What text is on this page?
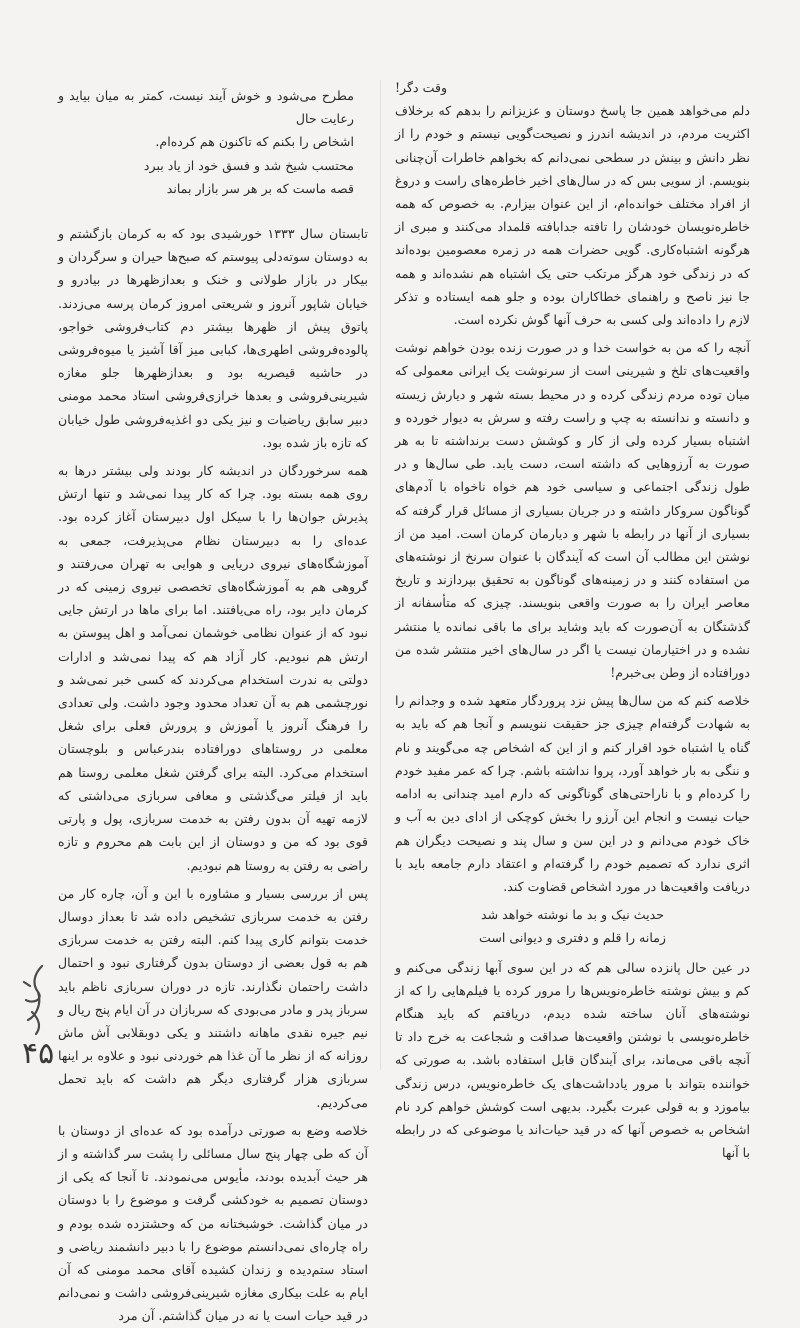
وقت دگر!

دلم می‌خواهد همین جا پاسخ دوستان و عزیزانم را بدهم که برخلاف اکثریت مردم، در اندیشه اندرز و نصیحت‌گویی نیستم و خودم را از نظر دانش و بینش در سطحی نمی‌دانم که بخواهم خاطرات آن‌چنانی بنویسم. از سویی بس که در سال‌های اخیر خاطره‌های راست و دروغ از افراد مختلف خوانده‌ام، از این عنوان بیزارم. به خصوص که همه خاطره‌نویسان خودشان را تافته جدابافته قلمداد می‌کنند و مبری از هرگونه اشتباه‌کاری. گویی حضرات همه در زمره معصومین بوده‌اند که در زندگی خود هرگز مرتکب حتی یک اشتباه هم نشده‌اند و همه جا نیز ناصح و راهنمای خطاکاران بوده و جلو همه ایستاده و تذکر لازم را داده‌اند ولی کسی به حرف آنها گوش نکرده است.

آنچه را که من به خواست خدا و در صورت زنده بودن خواهم نوشت واقعیت‌های تلخ و شیرینی است از سرنوشت یک ایرانی معمولی که میان توده مردم زندگی کرده و در محیط بسته شهر و دیارش زیسته و دانسته و ندانسته به چپ و راست رفته و سرش به دیوار خورده و اشتباه بسیار کرده ولی از کار و کوشش دست برنداشته تا به هر صورت به آرزوهایی که داشته است، دست یابد. طی سال‌ها و در طول زندگی اجتماعی و سیاسی خود هم خواه ناخواه با آدم‌های گوناگون سروکار داشته و در جریان بسیاری از مسائل قرار گرفته که بسیاری از آنها در رابطه با شهر و دیارمان کرمان است. امید من از نوشتن این مطالب آن است که آیندگان با عنوان سرنخ از نوشته‌های من استفاده کنند و در زمینه‌های گوناگون به تحقیق بپردازند و تاریخ معاصر ایران را به صورت واقعی بنویسند. چیزی که متأسفانه از گذشتگان به آن‌صورت که باید وشاید برای ما باقی نمانده یا منتشر نشده و در اختیارمان نیست یا اگر در سال‌های اخیر منتشر شده من دورافتاده از وطن بی‌خبرم!

خلاصه کنم که من سال‌ها پیش نزد پروردگار متعهد شده و وجدانم را به شهادت گرفته‌ام چیزی جز حقیقت ننویسم و آنجا هم که باید به گناه یا اشتباه خود اقرار کنم و از این که اشخاص چه می‌گویند و نام و ننگی به بار خواهد آورد، پروا نداشته باشم. چرا که عمر مفید خودم را کرده‌ام و با ناراحتی‌های گوناگونی که دارم امید چندانی به ادامه حیات نیست و انجام این آرزو را بخش کوچکی از ادای دین به آب و خاک خودم می‌دانم و در این سن و سال پند و نصیحت دیگران هم اثری ندارد که تصمیم خودم را گرفته‌ام و اعتقاد دارم جامعه باید با دریافت واقعیت‌ها در مورد اشخاص قضاوت کند.

حدیث نیک و بد ما نوشته خواهد شد
زمانه را قلم و دفتری و دیوانی است

در عین حال پانزده سالی هم که در این سوی آبها زندگی می‌کنم و کم و بیش نوشته خاطره‌نویس‌ها را مرور کرده یا فیلم‌هایی را که از نوشته‌های آنان ساخته شده دیدم، دریافتم که باید هنگام خاطره‌نویسی با نوشتن واقعیت‌ها صداقت و شجاعت به خرج داد تا آنچه باقی می‌ماند، برای آیندگان قابل استفاده باشد. به صورتی که خواننده بتواند با مرور یادداشت‌های یک خاطره‌نویس، درس زندگی بیاموزد و به قولی عبرت بگیرد. بدیهی است کوشش خواهم کرد نام اشخاص به خصوص آنها که در قید حیات‌اند یا موضوعی که در رابطه با آنها

مطرح می‌شود و خوش آیند نیست، کمتر به میان بیاید و رعایت حال
اشخاص را بکنم که تاکنون هم کرده‌ام.
محتسب شیخ شد و فسق خود از یاد ببرد
قصه ماست که بر هر سر بازار بماند

تابستان سال ۱۳۳۳ خورشیدی بود که به کرمان بازگشتم و به دوستان سوته‌دلی پیوستم که صبح‌ها حیران و سرگردان و بیکار در بازار طولانی و خنک و بعدازظهرها در بیادرو و خیابان شاپور آنروز و شریعتی امروز کرمان پرسه می‌زدند. پاتوق پیش از ظهرها بیشتر دم کتاب‌فروشی خواجو، پالوده‌فروشی اطهری‌ها، کبابی میز آقا آشیز یا میوه‌فروشی در حاشیه قیصریه بود و بعدازظهرها جلو مغازه شیرینی‌فروشی و بعدها خرازی‌فروشی استاد محمد مومنی دبیر سابق ریاضیات و نیز یکی دو اغذیه‌فروشی طول خیابان که تازه باز شده بود.

همه سرخوردگان در اندیشه کار بودند ولی بیشتر درها به روی همه بسته بود. چرا که کار پیدا نمی‌شد و تنها ارتش پذیرش جوان‌ها را با سیکل اول دبیرستان آغاز کرده بود. عده‌ای را به دبیرستان نظام می‌پذیرفت، جمعی به آموزشگاه‌های نیروی دریایی و هوایی به تهران می‌رفتند و گروهی هم به آموزشگاه‌های تخصصی نیروی زمینی که در کرمان دایر بود، راه می‌یافتند. اما برای ماها در ارتش جایی نبود که از عنوان نظامی خوشمان نمی‌آمد و اهل پیوستن به ارتش هم نبودیم. کار آزاد هم که پیدا نمی‌شد و ادارات دولتی به ندرت استخدام می‌کردند که کسی خبر نمی‌شد و نورچشمی هم به آن تعداد محدود وجود داشت. ولی تعدادی را فرهنگ آنروز یا آموزش و پرورش فعلی برای شغل معلمی در روستاهای دورافتاده بندرعباس و بلوچستان استخدام می‌کرد. البته برای گرفتن شغل معلمی روستا هم باید از فیلتر می‌گذشتی و معافی سربازی می‌داشتی که لازمه تهیه آن بدون رفتن به خدمت سربازی، پول و پارتی قوی بود که من و دوستان از این بابت هم محروم و تازه راضی به رفتن به روستا هم نبودیم.

پس از بررسی بسیار و مشاوره با این و آن، چاره کار من رفتن به خدمت سربازی تشخیص داده شد تا بعداز دوسال خدمت بتوانم کاری پیدا کنم. البته رفتن به خدمت سربازی هم به قول بعضی از دوستان بدون گرفتاری نبود و احتمال داشت راحتمان نگذارند. تازه در دوران سربازی ناظم باید سرباز پدر و مادر می‌بودی که سربازان در آن ایام پنج ریال و نیم جیره نقدی ماهانه داشتند و یکی دوبقلابی آش ماش روزانه که از نظر ما آن غذا هم خوردنی نبود و علاوه بر اینها سربازی هزار گرفتاری دیگر هم داشت که باید تحمل می‌کردیم.

خلاصه وضع به صورتی درآمده بود که عده‌ای از دوستان با آن که طی چهار پنج سال مسائلی را پشت سر گذاشته و از هر حیث آبدیده بودند، مأیوس می‌نمودند. تا آنجا که یکی از دوستان تصمیم به خودکشی گرفت و موضوع را با دوستان در میان گذاشت. خوشبختانه من که وحشتزده شده بودم و راه چاره‌ای نمی‌دانستم موضوع را با دبیر دانشمند ریاضی و استاد ستم‌دیده و زندان کشیده آقای محمد مومنی که آن ایام به علت بیکاری مغازه شیرینی‌فروشی داشت و نمی‌دانم در قید حیات است یا نه در میان گذاشتم. آن مرد

۴۵
